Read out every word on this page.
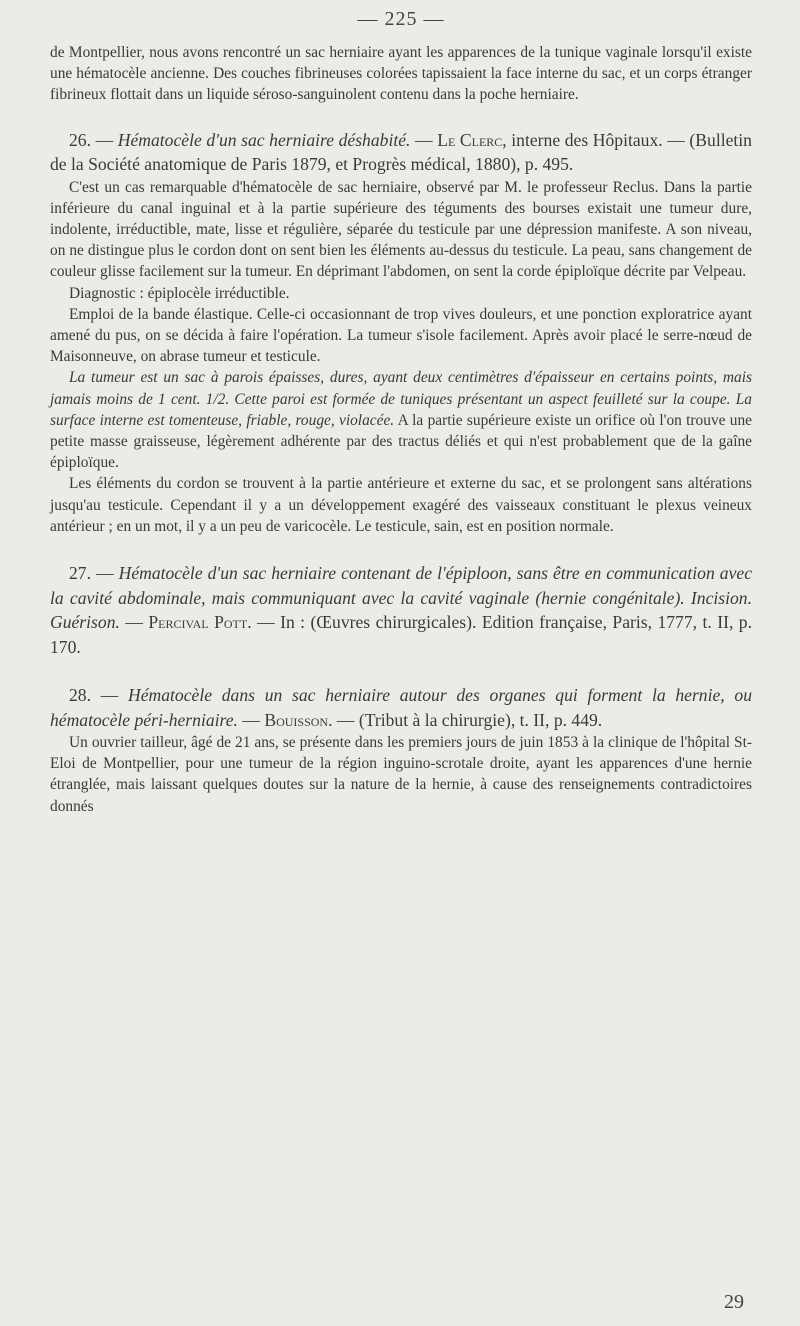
— 225 —

de Montpellier, nous avons rencontré un sac herniaire ayant les apparences de la tunique vaginale lorsqu'il existe une hématocèle ancienne. Des couches fibrineuses colorées tapissaient la face interne du sac, et un corps étranger fibrineux flottait dans un liquide séroso-sanguinolent contenu dans la poche herniaire.

26. — Hématocèle d'un sac herniaire déshabité. — Le Clerc, interne des Hôpitaux. — (Bulletin de la Société anatomique de Paris 1879, et Progrès médical, 1880), p. 495.

C'est un cas remarquable d'hématocèle de sac herniaire, observé par M. le professeur Reclus. Dans la partie inférieure du canal inguinal et à la partie supérieure des téguments des bourses existait une tumeur dure, indolente, irréductible, mate, lisse et régulière, séparée du testicule par une dépression manifeste. A son niveau, on ne distingue plus le cordon dont on sent bien les éléments au-dessus du testicule. La peau, sans changement de couleur glisse facilement sur la tumeur. En déprimant l'abdomen, on sent la corde épiploïque décrite par Velpeau.

Diagnostic : épiplocèle irréductible.

Emploi de la bande élastique. Celle-ci occasionnant de trop vives douleurs, et une ponction exploratrice ayant amené du pus, on se décida à faire l'opération. La tumeur s'isole facilement. Après avoir placé le serre-nœud de Maisonneuve, on abrase tumeur et testicule.

La tumeur est un sac à parois épaisses, dures, ayant deux centimètres d'épaisseur en certains points, mais jamais moins de 1 cent. 1/2. Cette paroi est formée de tuniques présentant un aspect feuilleté sur la coupe. La surface interne est tomenteuse, friable, rouge, violacée. A la partie supérieure existe un orifice où l'on trouve une petite masse graisseuse, légèrement adhérente par des tractus déliés et qui n'est probablement que de la gaîne épiploïque.

Les éléments du cordon se trouvent à la partie antérieure et externe du sac, et se prolongent sans altérations jusqu'au testicule. Cependant il y a un développement exagéré des vaisseaux constituant le plexus veineux antérieur ; en un mot, il y a un peu de varicocèle. Le testicule, sain, est en position normale.

27. — Hématocèle d'un sac herniaire contenant de l'épiploon, sans être en communication avec la cavité abdominale, mais communiquant avec la cavité vaginale (hernie congénitale). Incision. Guérison. — Percival Pott. — In : (Œuvres chirurgicales). Edition française, Paris, 1777, t. II, p. 170.

28. — Hématocèle dans un sac herniaire autour des organes qui forment la hernie, ou hématocèle péri-herniaire. — Bouisson. — (Tribut à la chirurgie), t. II, p. 449.

Un ouvrier tailleur, âgé de 21 ans, se présente dans les premiers jours de juin 1853 à la clinique de l'hôpital St-Eloi de Montpellier, pour une tumeur de la région inguino-scrotale droite, ayant les apparences d'une hernie étranglée, mais laissant quelques doutes sur la nature de la hernie, à cause des renseignements contradictoires donnés

29
